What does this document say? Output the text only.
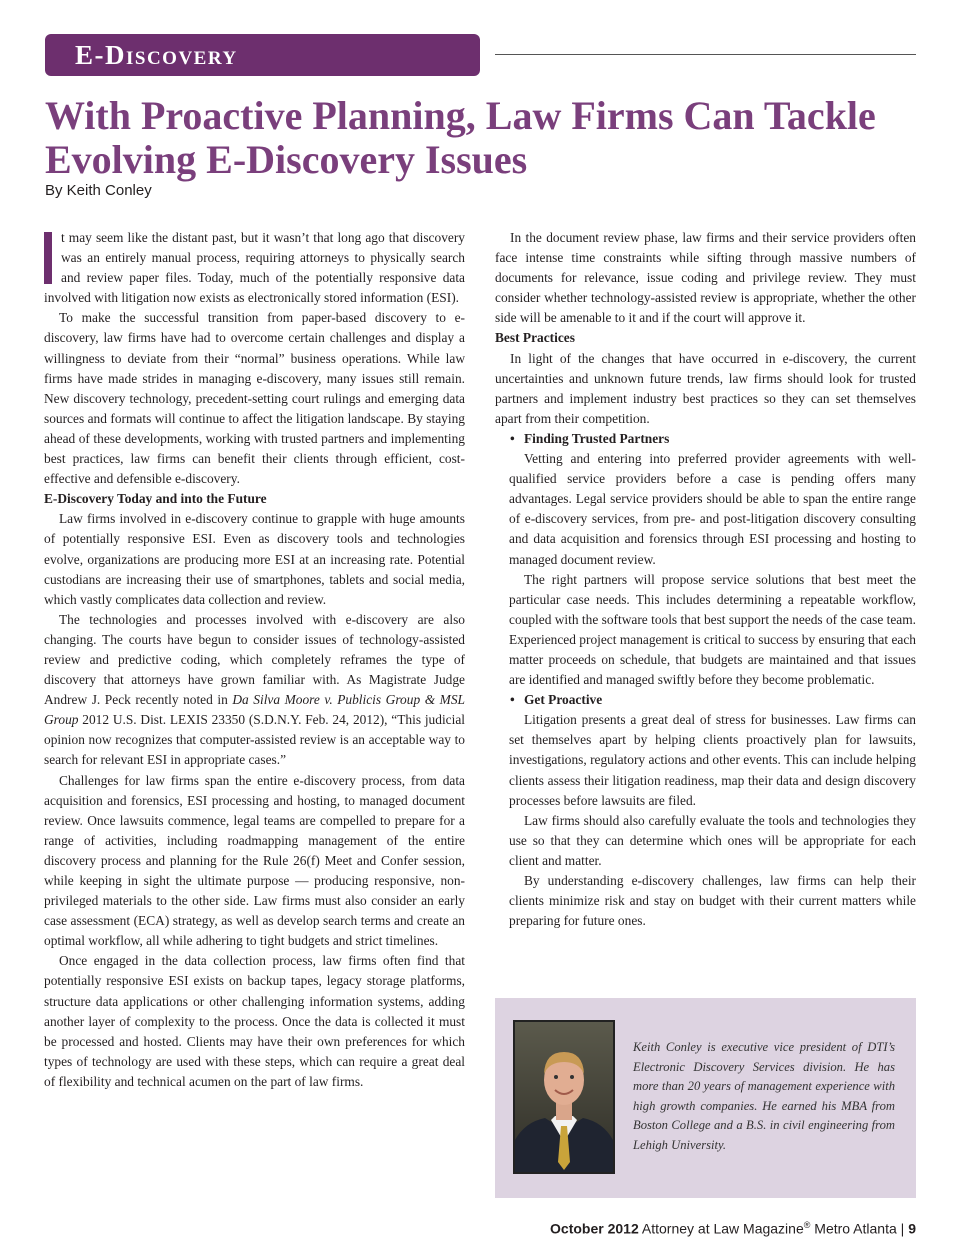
E-Discovery
With Proactive Planning, Law Firms Can Tackle Evolving E-Discovery Issues
By Keith Conley

t may seem like the distant past, but it wasn’t that long ago that discovery was an entirely manual process, requiring attorneys to physically search and review paper files. Today, much of the potentially responsive data involved with litigation now exists as electronically stored information (ESI).

To make the successful transition from paper-based discovery to e-discovery, law firms have had to overcome certain challenges and display a willingness to deviate from their “normal” business operations. While law firms have made strides in managing e-discovery, many issues still remain. New discovery technology, precedent-setting court rulings and emerging data sources and formats will continue to affect the litigation landscape. By staying ahead of these developments, working with trusted partners and implementing best practices, law firms can benefit their clients through efficient, cost-effective and defensible e-discovery.

E-Discovery Today and into the Future

Law firms involved in e-discovery continue to grapple with huge amounts of potentially responsive ESI. Even as discovery tools and technologies evolve, organizations are producing more ESI at an increasing rate. Potential custodians are increasing their use of smartphones, tablets and social media, which vastly complicates data collection and review.

The technologies and processes involved with e-discovery are also changing. The courts have begun to consider issues of technology-assisted review and predictive coding, which completely reframes the type of discovery that attorneys have grown familiar with. As Magistrate Judge Andrew J. Peck recently noted in Da Silva Moore v. Publicis Group & MSL Group 2012 U.S. Dist. LEXIS 23350 (S.D.N.Y. Feb. 24, 2012), “This judicial opinion now recognizes that computer-assisted review is an acceptable way to search for relevant ESI in appropriate cases.”

Challenges for law firms span the entire e-discovery process, from data acquisition and forensics, ESI processing and hosting, to managed document review. Once lawsuits commence, legal teams are compelled to prepare for a range of activities, including roadmapping management of the entire discovery process and planning for the Rule 26(f) Meet and Confer session, while keeping in sight the ultimate purpose — producing responsive, non-privileged materials to the other side. Law firms must also consider an early case assessment (ECA) strategy, as well as develop search terms and create an optimal workflow, all while adhering to tight budgets and strict timelines.

Once engaged in the data collection process, law firms often find that potentially responsive ESI exists on backup tapes, legacy storage platforms, structure data applications or other challenging information systems, adding another layer of complexity to the process. Once the data is collected it must be processed and hosted. Clients may have their own preferences for which types of technology are used with these steps, which can require a great deal of flexibility and technical acumen on the part of law firms.

In the document review phase, law firms and their service providers often face intense time constraints while sifting through massive numbers of documents for relevance, issue coding and privilege review. They must consider whether technology-assisted review is appropriate, whether the other side will be amenable to it and if the court will approve it.

Best Practices

In light of the changes that have occurred in e-discovery, the current uncertainties and unknown future trends, law firms should look for trusted partners and implement industry best practices so they can set themselves apart from their competition.

• Finding Trusted Partners

Vetting and entering into preferred provider agreements with well-qualified service providers before a case is pending offers many advantages. Legal service providers should be able to span the entire range of e-discovery services, from pre- and post-litigation discovery consulting and data acquisition and forensics through ESI processing and hosting to managed document review.

The right partners will propose service solutions that best meet the particular case needs. This includes determining a repeatable workflow, coupled with the software tools that best support the needs of the case team. Experienced project management is critical to success by ensuring that each matter proceeds on schedule, that budgets are maintained and that issues are identified and managed swiftly before they become problematic.

• Get Proactive

Litigation presents a great deal of stress for businesses. Law firms can set themselves apart by helping clients proactively plan for lawsuits, investigations, regulatory actions and other events. This can include helping clients assess their litigation readiness, map their data and design discovery processes before lawsuits are filed.

Law firms should also carefully evaluate the tools and technologies they use so that they can determine which ones will be appropriate for each client and matter.

By understanding e-discovery challenges, law firms can help their clients minimize risk and stay on budget with their current matters while preparing for future ones.

Keith Conley is executive vice president of DTI’s Electronic Discovery Services division. He has more than 20 years of management experience with high growth companies. He earned his MBA from Boston College and a B.S. in civil engineering from Lehigh University.
October 2012 Attorney at Law Magazine® Metro Atlanta | 9
